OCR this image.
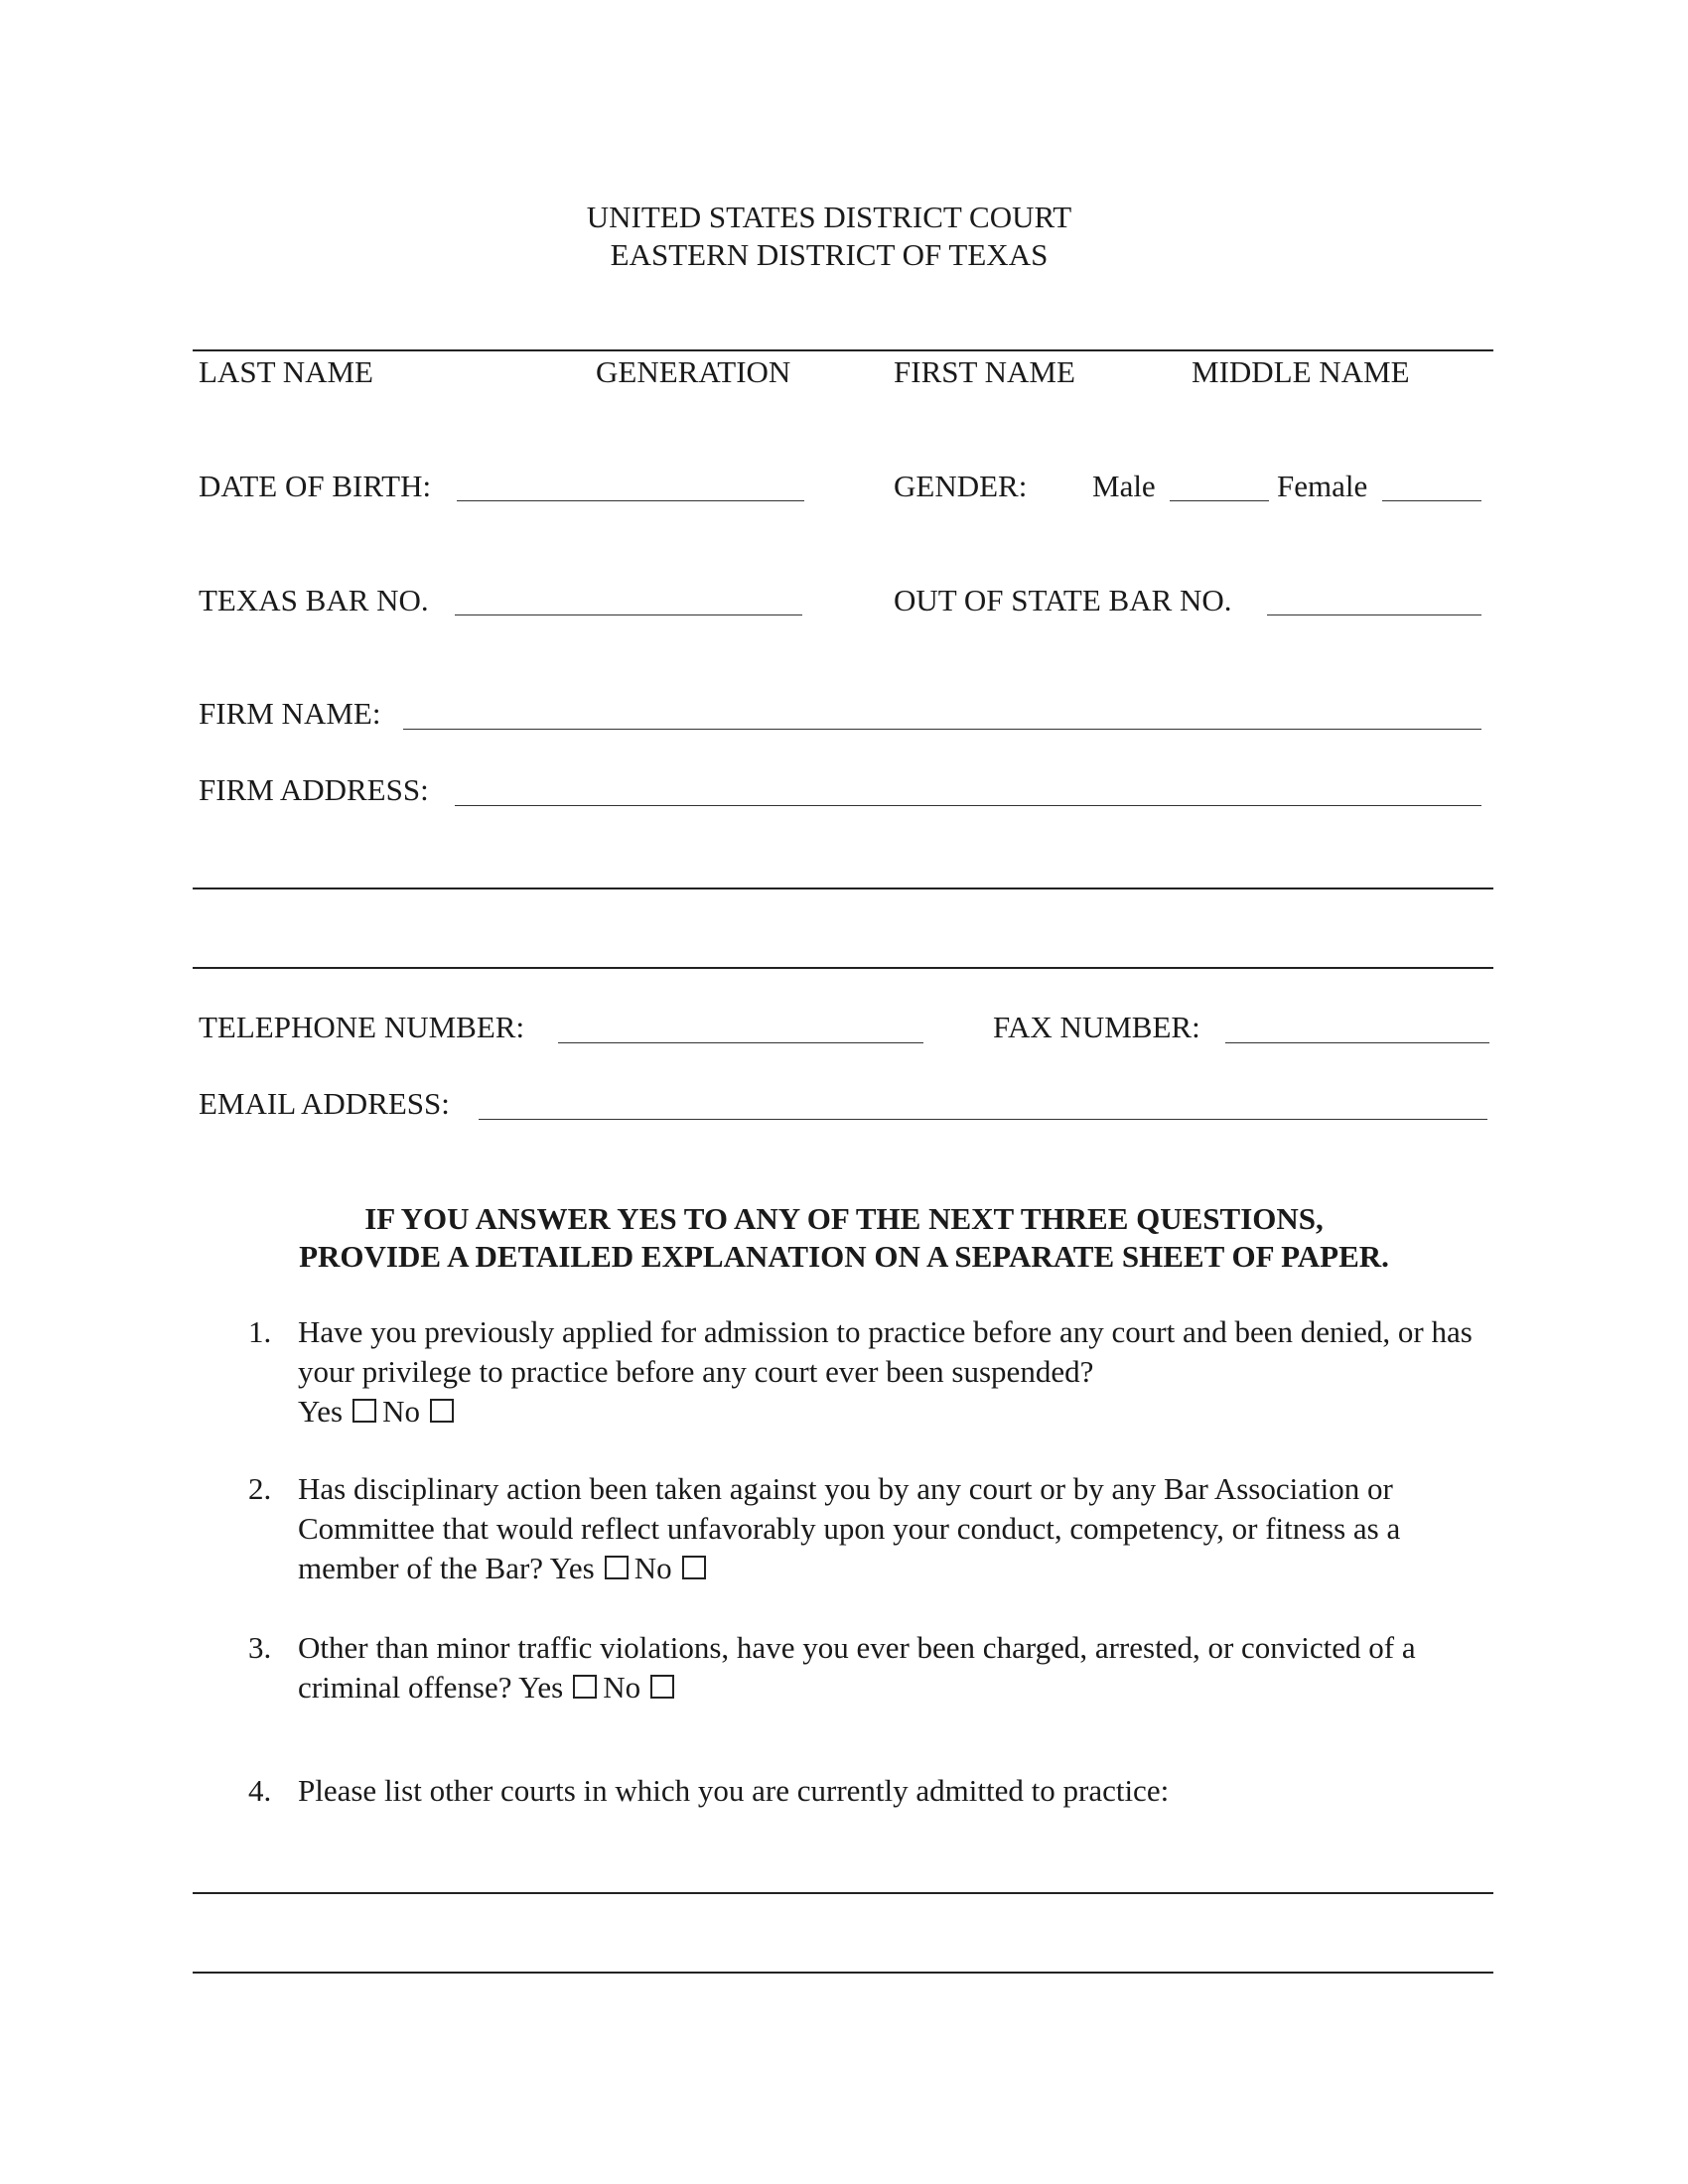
UNITED STATES DISTRICT COURT
EASTERN DISTRICT OF TEXAS
LAST NAME	GENERATION	FIRST NAME	MIDDLE NAME
DATE OF BIRTH:	GENDER: Male	Female
TEXAS BAR NO.	OUT OF STATE BAR NO.
FIRM NAME:
FIRM ADDRESS:
TELEPHONE NUMBER:	FAX NUMBER:
EMAIL ADDRESS:
IF YOU ANSWER YES TO ANY OF THE NEXT THREE QUESTIONS,
PROVIDE A DETAILED EXPLANATION ON A SEPARATE SHEET OF PAPER.
1. Have you previously applied for admission to practice before any court and been denied, or has your privilege to practice before any court ever been suspended?
Yes No
2. Has disciplinary action been taken against you by any court or by any Bar Association or Committee that would reflect unfavorably upon your conduct, competency, or fitness as a member of the Bar? Yes No
3. Other than minor traffic violations, have you ever been charged, arrested, or convicted of a criminal offense? Yes No
4. Please list other courts in which you are currently admitted to practice:
